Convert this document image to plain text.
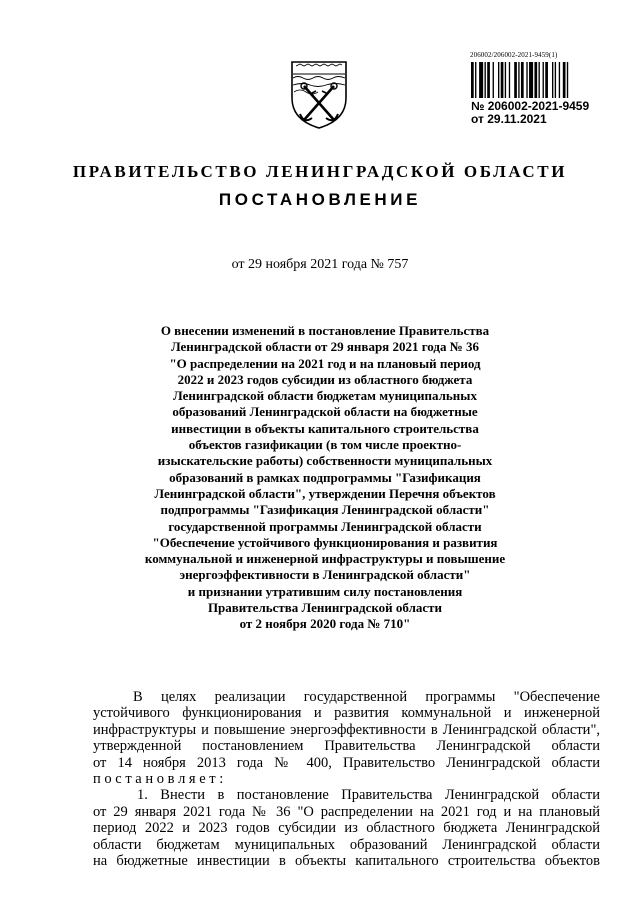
206002/206002-2021-9459(1)
№ 206002-2021-9459
от 29.11.2021
ПРАВИТЕЛЬСТВО ЛЕНИНГРАДСКОЙ ОБЛАСТИ
ПОСТАНОВЛЕНИЕ
от 29 ноября 2021 года № 757
О внесении изменений в постановление Правительства
Ленинградской области от 29 января 2021 года № 36
"О распределении на 2021 год и на плановый период
2022 и 2023 годов субсидии из областного бюджета
Ленинградской области бюджетам муниципальных
образований Ленинградской области на бюджетные
инвестиции в объекты капитального строительства
объектов газификации (в том числе проектно-
изыскательские работы) собственности муниципальных
образований в рамках подпрограммы "Газификация
Ленинградской области", утверждении Перечня объектов
подпрограммы "Газификация Ленинградской области"
государственной программы Ленинградской области
"Обеспечение устойчивого функционирования и развития
коммунальной и инженерной инфраструктуры и повышение
энергоэффективности в Ленинградской области"
и признании утратившим силу постановления
Правительства Ленинградской области
от 2 ноября 2020 года № 710"
В целях реализации государственной программы "Обеспечение
устойчивого функционирования и развития коммунальной и инженерной
инфраструктуры и повышение энергоэффективности в Ленинградской области",
утвержденной постановлением Правительства Ленинградской области
от 14 ноября 2013 года № 400, Правительство Ленинградской области
п о с т а н о в л я е т :
1. Внести в постановление Правительства Ленинградской области
от 29 января 2021 года № 36 "О распределении на 2021 год и на плановый
период 2022 и 2023 годов субсидии из областного бюджета Ленинградской
области бюджетам муниципальных образований Ленинградской области
на бюджетные инвестиции в объекты капитального строительства объектов
